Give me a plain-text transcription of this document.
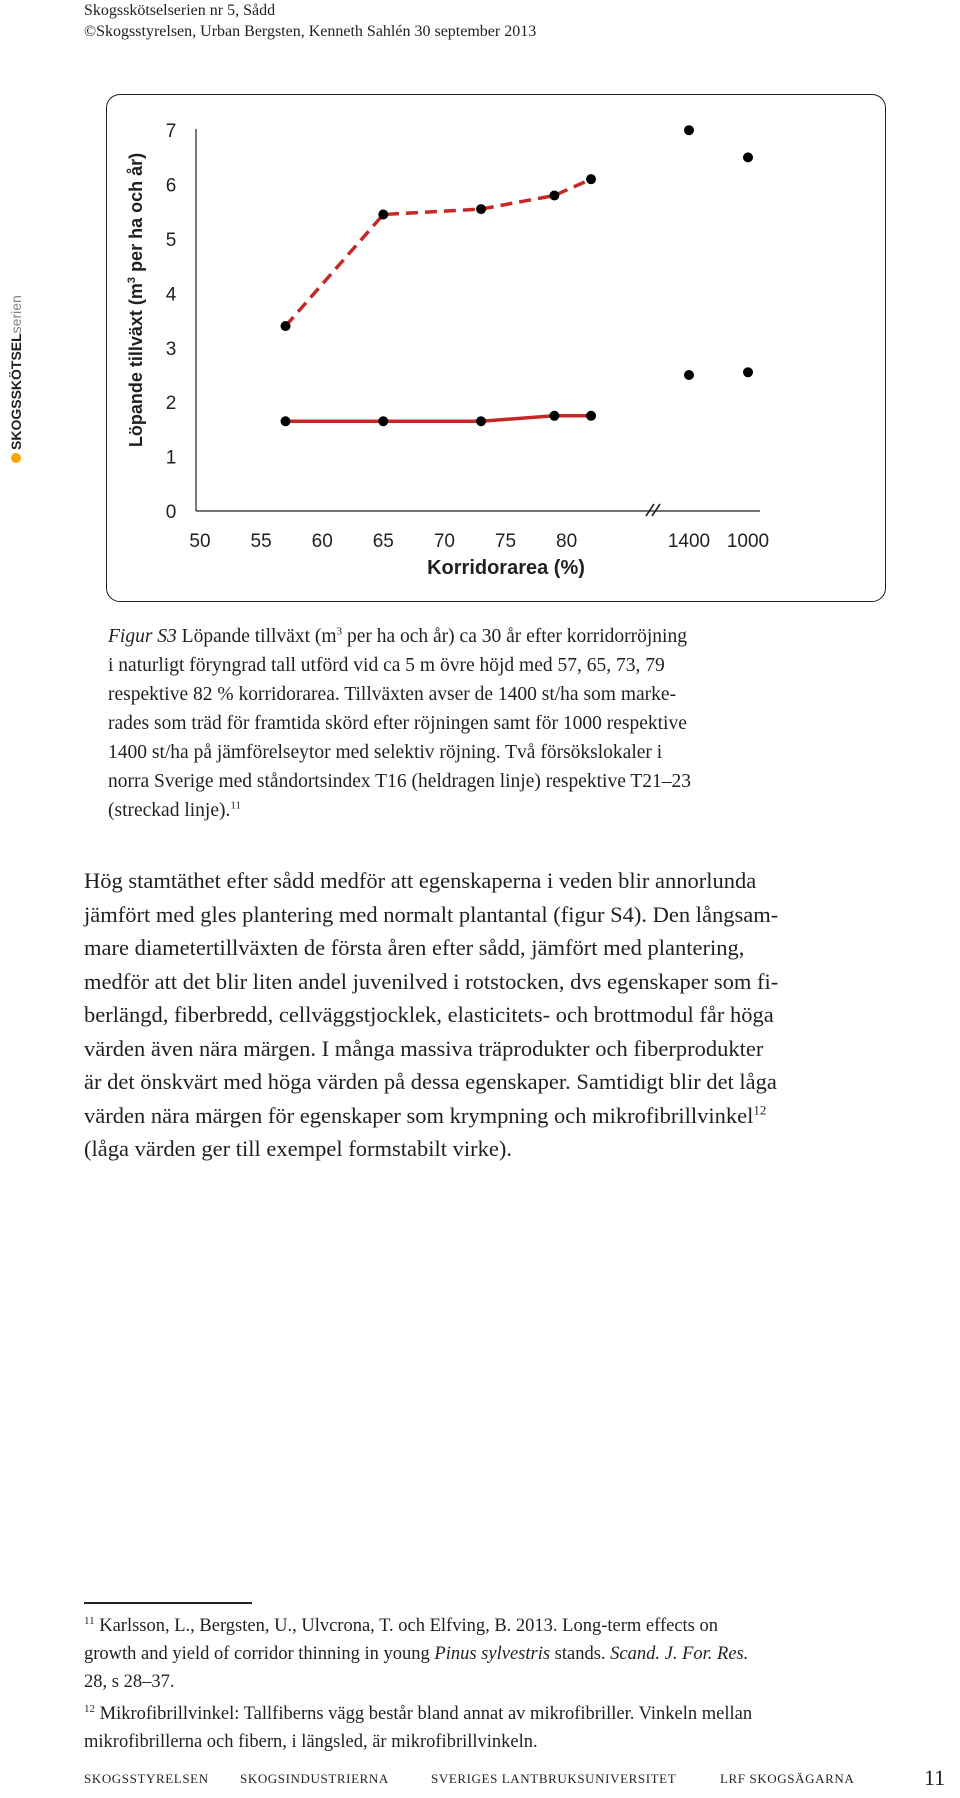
Skogsskötselserien nr 5, Sådd
©Skogsstyrelsen, Urban Bergsten, Kenneth Sahlén 30 september 2013
SKOGSSKÖTSELserien	Löpande tillväxt ($m^3$ per ha och år)
Korridorarea (%)
0
1
2
3
4
5
6
7
50 55 60 65 70 75 80	1400 1000
Figur S3 Löpande tillväxt ($m^3$ per ha och år) ca 30 år efter korridorröjning
i naturligt föryngrad tall utförd vid ca 5 m övre höjd med 57, 65, 73, 79
respektive 82 % korridorarea. Tillväxten avser de 1400 st/ha som marke-
rades som träd för framtida skörd efter röjningen samt för 1000 respektive
1400 st/ha på jämförelseytor med selektiv röjning. Två försökslokaler i
norra Sverige med ståndortsindex T16 (heldragen linje) respektive T21–23
(streckad linje).$^{11}$

Hög stamtäthet efter sådd medför att egenskaperna i veden blir annorlunda

jämfört med gles plantering med normalt plantantal (figur S4). Den långsam-

mare diametertillväxten de första åren efter sådd, jämfört med plantering,

medför att det blir liten andel juvenilved i rotstocken, dvs egenskaper som fi-

berlängd, fiberbredd, cellväggstjocklek, elasticitets- och brottmodul får höga

värden även nära märgen. I många massiva träprodukter och fiberprodukter

är det önskvärt med höga värden på dessa egenskaper. Samtidigt blir det låga

värden nära märgen för egenskaper som krympning och mikrofibrillvinkel$^{12}$

(låga värden ger till exempel formstabilt virke).

$^{11}$ Karlsson, L., Bergsten, U., Ulvcrona, T. och Elfving, B. 2013. Long-term effects on
growth and yield of corridor thinning in young Pinus sylvestris stands. Scand. J. For. Res.
28, s 28–37.
$^{12}$ Mikrofibrillvinkel: Tallfiberns vägg består bland annat av mikrofibriller. Vinkeln mellan
mikrofibrillerna och fibern, i längsled, är mikrofibrillvinkeln.
SKOGSSTYRELSEN SKOGSINDUSTRIERNA	SVERIGES LANTBRUKSUNIVERSITET	LRF SKOGSÄGARNA	11
